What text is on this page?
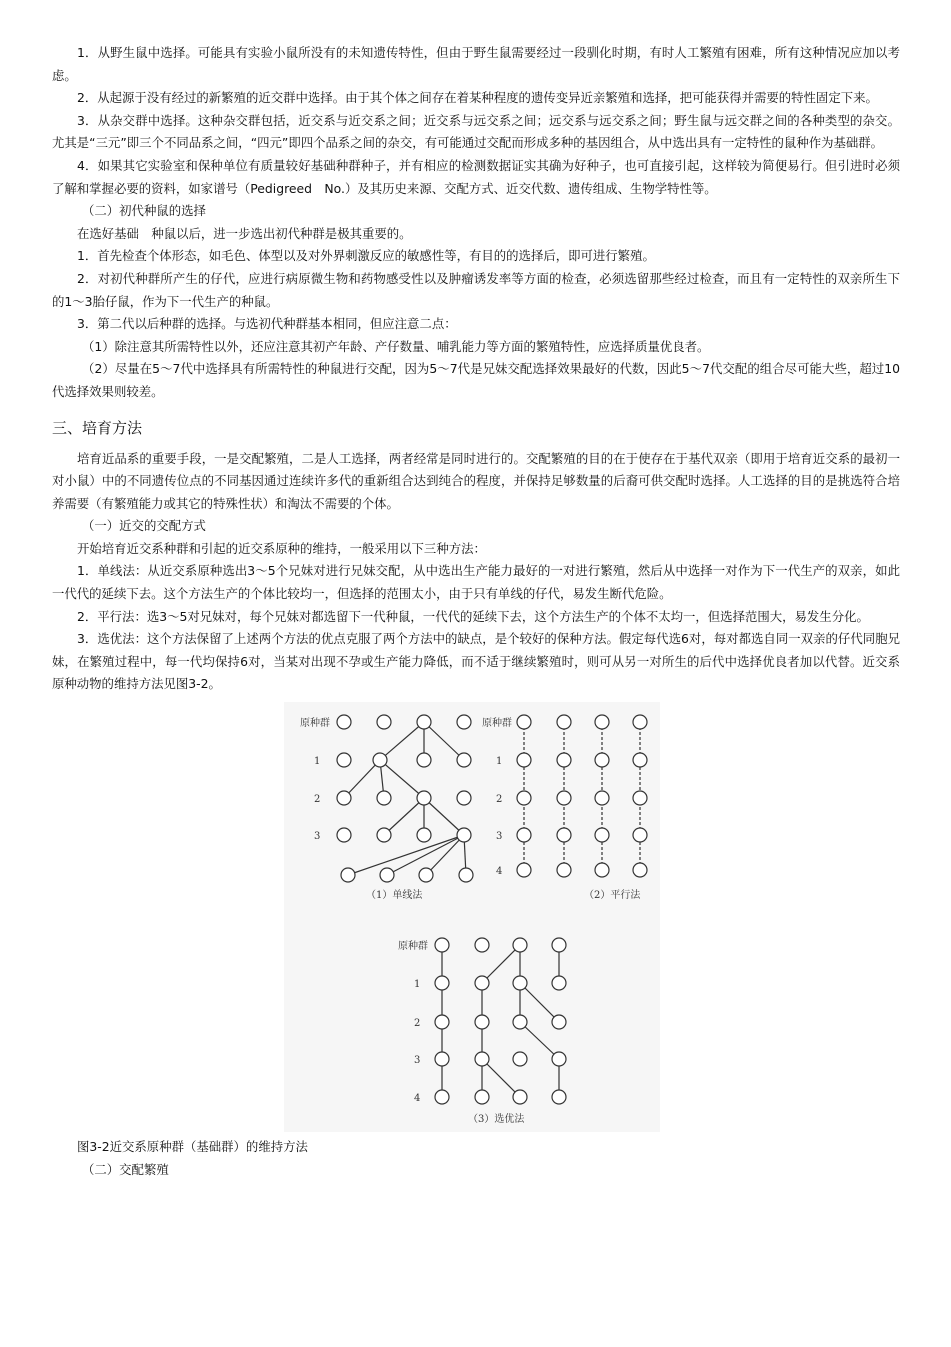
1．从野生鼠中选择。可能具有实验小鼠所没有的未知遗传特性，但由于野生鼠需要经过一段驯化时期，有时人工繁殖有困难，所有这种情况应加以考虑。

2．从起源于没有经过的新繁殖的近交群中选择。由于其个体之间存在着某种程度的遗传变异近亲繁殖和选择，把可能获得并需要的特性固定下来。

3．从杂交群中选择。这种杂交群包括，近交系与近交系之间；近交系与远交系之间；远交系与远交系之间；野生鼠与远交群之间的各种类型的杂交。尤其是“三元”即三个不同品系之间，“四元”即四个品系之间的杂交，有可能通过交配而形成多种的基因组合，从中选出具有一定特性的鼠种作为基础群。

4．如果其它实验室和保种单位有质量较好基础种群种子，并有相应的检测数据证实其确为好种子，也可直接引起，这样较为简便易行。但引进时必须了解和掌握必要的资料，如家谱号（Pedigreed　No.）及其历史来源、交配方式、近交代数、遗传组成、生物学特性等。

（二）初代种鼠的选择

在选好基础　种鼠以后，进一步选出初代种群是极其重要的。

1．首先检查个体形态，如毛色、体型以及对外界刺激反应的敏感性等，有目的的选择后，即可进行繁殖。

2．对初代种群所产生的仔代，应进行病原微生物和药物感受性以及肿瘤诱发率等方面的检查，必须选留那些经过检查，而且有一定特性的双亲所生下的1～3胎仔鼠，作为下一代生产的种鼠。

3．第二代以后种群的选择。与选初代种群基本相同，但应注意二点：

（1）除注意其所需特性以外，还应注意其初产年龄、产仔数量、哺乳能力等方面的繁殖特性，应选择质量优良者。

（2）尽量在5～7代中选择具有所需特性的种鼠进行交配，因为5～7代是兄妹交配选择效果最好的代数，因此5～7代交配的组合尽可能大些，超过10代选择效果则较差。

三、培育方法

培育近品系的重要手段，一是交配繁殖，二是人工选择，两者经常是同时进行的。交配繁殖的目的在于使存在于基代双亲（即用于培育近交系的最初一对小鼠）中的不同遗传位点的不同基因通过连续许多代的重新组合达到纯合的程度，并保持足够数量的后裔可供交配时选择。人工选择的目的是挑选符合培养需要（有繁殖能力或其它的特殊性状）和淘汰不需要的个体。

（一）近交的交配方式

开始培育近交系种群和引起的近交系原种的维持，一般采用以下三种方法：

1．单线法：从近交系原种选出3～5个兄妹对进行兄妹交配，从中选出生产能力最好的一对进行繁殖，然后从中选择一对作为下一代生产的双亲，如此一代代的延续下去。这个方法生产的个体比较均一，但选择的范围太小，由于只有单线的仔代，易发生断代危险。

2．平行法：选3～5对兄妹对，每个兄妹对都选留下一代种鼠，一代代的延续下去，这个方法生产的个体不太均一，但选择范围大，易发生分化。

3．选优法：这个方法保留了上述两个方法的优点克服了两个方法中的缺点，是个较好的保种方法。假定每代选6对，每对都选自同一双亲的仔代同胞兄妹，在繁殖过程中，每一代均保持6对，当某对出现不孕或生产能力降低，而不适于继续繁殖时，则可从另一对所生的后代中选择优良者加以代替。近交系原种动物的维持方法见图3-2。

原种群
1
2
3
（1）单线法
原种群
1
2
3
4
（2）平行法
原种群
1
2
3
4
（3）选优法

图3-2近交系原种群（基础群）的维持方法

（二）交配繁殖
